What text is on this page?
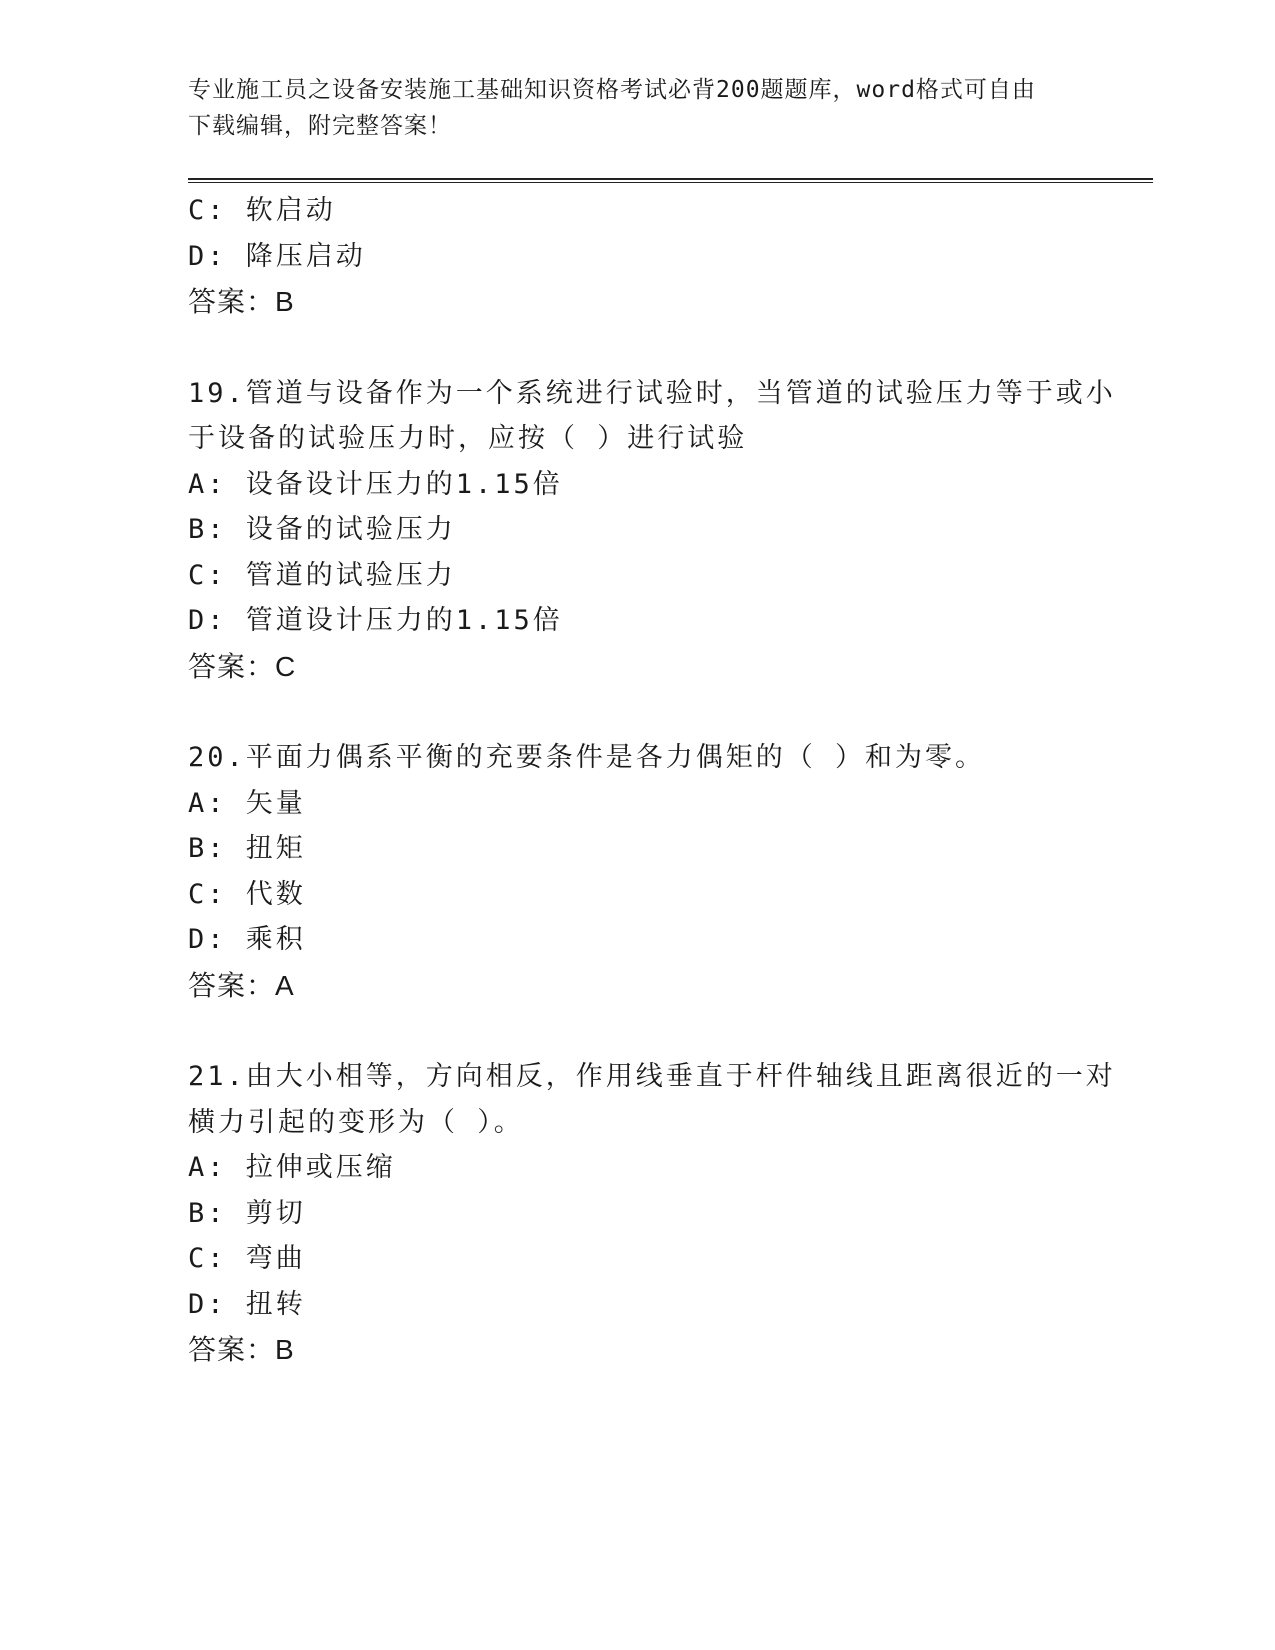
专业施工员之设备安装施工基础知识资格考试必背200题题库，word格式可自由
下载编辑，附完整答案！
C: 软启动
D: 降压启动
答案：B
19.管道与设备作为一个系统进行试验时，当管道的试验压力等于或小
于设备的试验压力时，应按（ ）进行试验
A: 设备设计压力的1.15倍
B: 设备的试验压力
C: 管道的试验压力
D: 管道设计压力的1.15倍
答案：C
20.平面力偶系平衡的充要条件是各力偶矩的（ ）和为零。
A: 矢量
B: 扭矩
C: 代数
D: 乘积
答案：A
21.由大小相等，方向相反，作用线垂直于杆件轴线且距离很近的一对
横力引起的变形为（ ）。
A: 拉伸或压缩
B: 剪切
C: 弯曲
D: 扭转
答案：B
